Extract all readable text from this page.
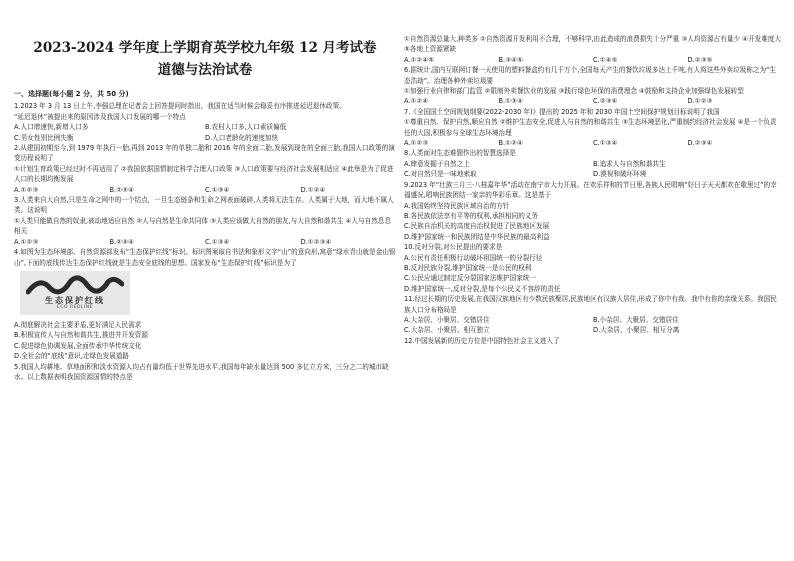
2023-2024 学年度上学期育英学校九年级 12 月考试卷
道德与法治试卷
一、选择题(每小题 2 分，共 50 分)
1.2023 年 3 月 13 日上午,李强总理在记者会上回答提问时指出，我国在适当时候会稳妥有序推进延迟退休政策。
“延迟退休”被提出来的原因涉及我国人口发展的哪一个特点
A.人口增速快,新增人口多	B.农村人口多,人口素质偏低
C.男女性别比例失衡	D.人口老龄化的速度加快
2.从建国初期至今,到 1979 年执行一胎,再到 2013 年的单独二胎和 2016 年的全面二胎,发展到现在的全面三胎,我国人口政策的演变历程说明了
①计划生育政策已经过时不再适用了 ②我国依据国情制定科学合理人口政策 ③人口政策要与经济社会发展相适应 ④此举是为了促进人口的长期均衡发展
A.①②③	B.②③④	C.①③④	D.①②④
3.人类来自大自然,只是生命之网中的一个结点，一旦生态链条和生命之网表面破碎,人类将无法生存。人类属于大地，而大地不属人类。这说明
①人类只能做自然的奴隶,被动地适应自然 ②人与自然是生命共同体 ③人类应该做大自然的朋友,与大自然和谐共生 ④人与自然息息相关
A.①②③	B.②③④	C.①③④	D.①②③④
4.如图为生态环境部、自然资源部发布“生态保护红线”标识。标识图案取自书法和象形文字“山”的意向形,寓意“绿水青山就是金山银山”,下面的底线传达生态保护红线就是生态安全底线的思想。国家发布“生态保护红线”标识是为了
生态保护红线
ECO REDLINE
A.彻底解决社会主要矛盾,更好满足人民需求
B.积极宣传人与自然和谐共生,推进并开发资源
C.促进绿色协调发展,全面传承中华传统文化
D.全社会的“底线”意识,走绿色发展道路
5.我国人均耕地、草地面积和淡水资源人均占有量均低于世界先进水平,我国每年缺水量达到 500 多亿立方米，三分之二的城市缺水。以上数据表明我国资源国情的特点是
①自然资源总量大,种类多 ②自然资源开发利用不合理，不够科学,由此造成的浪费损失十分严重 ③人均资源占有量少 ④开发难度大 ⑤各地上资源紧缺
A.①②④⑤	B.③④⑤	C.①④⑤	D.②③⑤
6.据统计,国内互联网订餐一天使用的塑料餐盒约有几千万个,全国每天产生的餐饮垃圾多达上千吨,有人将这些外卖垃圾称之为“生态浩劫”。治理各种外卖垃圾要
①加强行业自律和部门监管 ②限制外卖餐饮业的发展 ③践行绿色环保的消费理念 ④鼓励和支持企业加强绿色发展转型
A.①②④	B.①③④	C.②③④	D.①②③
7.《全国国土空间规划纲要(2022-2030 年)》提出的 2025 年和 2030 年国土空间保护规划目标说明了我国
①尊重自然、保护自然,顺应自然 ②维护生态安全,促进人与自然的和谐共生 ③生态环境恶化,严重制约经济社会发展 ④是一个负责任的大国,积极参与全球生态环境治理
A.①②③	B.①②④	C.①③④	D.②③④
8.人类面对生态难题作出的智慧选择是
A.肆意发掘于自然之上	B.追求人与自然和谐共生
C.对自然只是一味地索取	D.漠视和破坏环境
9.2023 年“壮族三月三·八桂嘉年华”活动在南宁市大力开展。在欢乐祥和的节日里,各族人民唱响“好日子天天都欢在歌里过”的幸福盛况,唱响民族团结一家亲的华彩乐章。这是基于
A.我国始终坚持民族区域自治的方针
B.各民族依法享有平等的权利,承担相同的义务
C.民族自治机关的高度自治权促进了民族地区发展
D.维护国家统一和民族团结是中华民族的最高利益
10.反对分裂,对公民提出的要求是
A.公民有责任积极行动破坏祖国统一的分裂行径
B.反对民族分裂,维护国家统一是公民的权利
C.公民应通过制定反分裂国家法维护国家统一
D.维护国家统一,反对分裂,是每个公民义不容辞的责任
11.经过长期的历史发展,在我国汉族地区有少数民族聚居,民族地区有汉族人居住,形成了你中有我、我中有你的亲缘关系。我国民族人口分布格局是
A.大杂居、小聚居、交错居住	B.小杂居、大聚居、交错居住
C.大杂居、小聚居、相互独立	D.大杂居、小聚居、相互分离
12.中国发展新的历史方位是中国特色社会主义进入了
